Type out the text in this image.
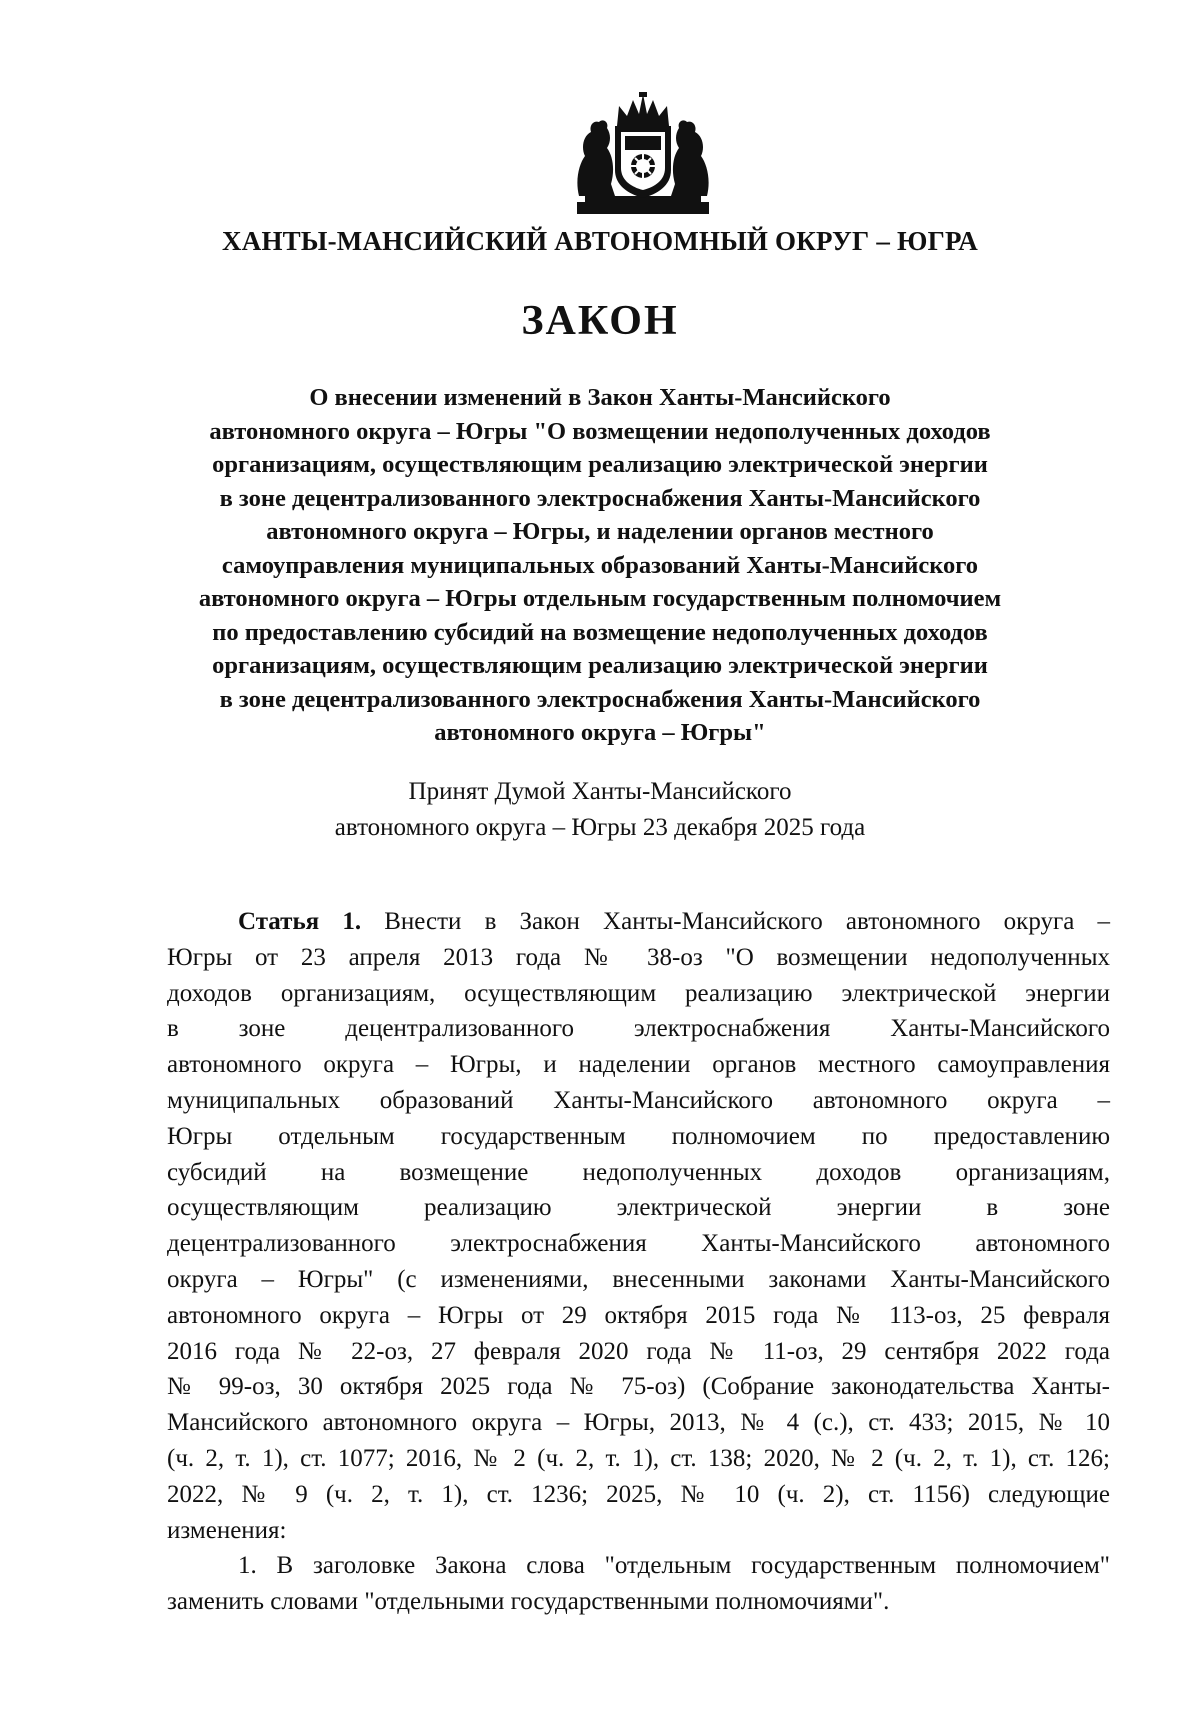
ХАНТЫ-МАНСИЙСКИЙ АВТОНОМНЫЙ ОКРУГ – ЮГРА
ЗАКОН
О внесении изменений в Закон Ханты-Мансийского
автономного округа – Югры "О возмещении недополученных доходов
организациям, осуществляющим реализацию электрической энергии
в зоне децентрализованного электроснабжения Ханты-Мансийского
автономного округа – Югры, и наделении органов местного
самоуправления муниципальных образований Ханты-Мансийского
автономного округа – Югры отдельным государственным полномочием
по предоставлению субсидий на возмещение недополученных доходов
организациям, осуществляющим реализацию электрической энергии
в зоне децентрализованного электроснабжения Ханты-Мансийского
автономного округа – Югры"
Принят Думой Ханты-Мансийского
автономного округа – Югры 23 декабря 2025 года
Статья 1. Внести в Закон Ханты-Мансийского автономного округа –
Югры от 23 апреля 2013 года № 38-оз "О возмещении недополученных
доходов организациям, осуществляющим реализацию электрической энергии
в зоне децентрализованного электроснабжения Ханты-Мансийского
автономного округа – Югры, и наделении органов местного самоуправления
муниципальных образований Ханты-Мансийского автономного округа –
Югры отдельным государственным полномочием по предоставлению
субсидий на возмещение недополученных доходов организациям,
осуществляющим реализацию электрической энергии в зоне
децентрализованного электроснабжения Ханты-Мансийского автономного
округа – Югры" (с изменениями, внесенными законами Ханты-Мансийского
автономного округа – Югры от 29 октября 2015 года № 113-оз, 25 февраля
2016 года № 22-оз, 27 февраля 2020 года № 11-оз, 29 сентября 2022 года
№ 99-оз, 30 октября 2025 года № 75-оз) (Собрание законодательства Ханты-
Мансийского автономного округа – Югры, 2013, № 4 (с.), ст. 433; 2015, № 10
(ч. 2, т. 1), ст. 1077; 2016, № 2 (ч. 2, т. 1), ст. 138; 2020, № 2 (ч. 2, т. 1), ст. 126;
2022, № 9 (ч. 2, т. 1), ст. 1236; 2025, № 10 (ч. 2), ст. 1156) следующие
изменения:
1. В заголовке Закона слова "отдельным государственным полномочием"
заменить словами "отдельными государственными полномочиями".
